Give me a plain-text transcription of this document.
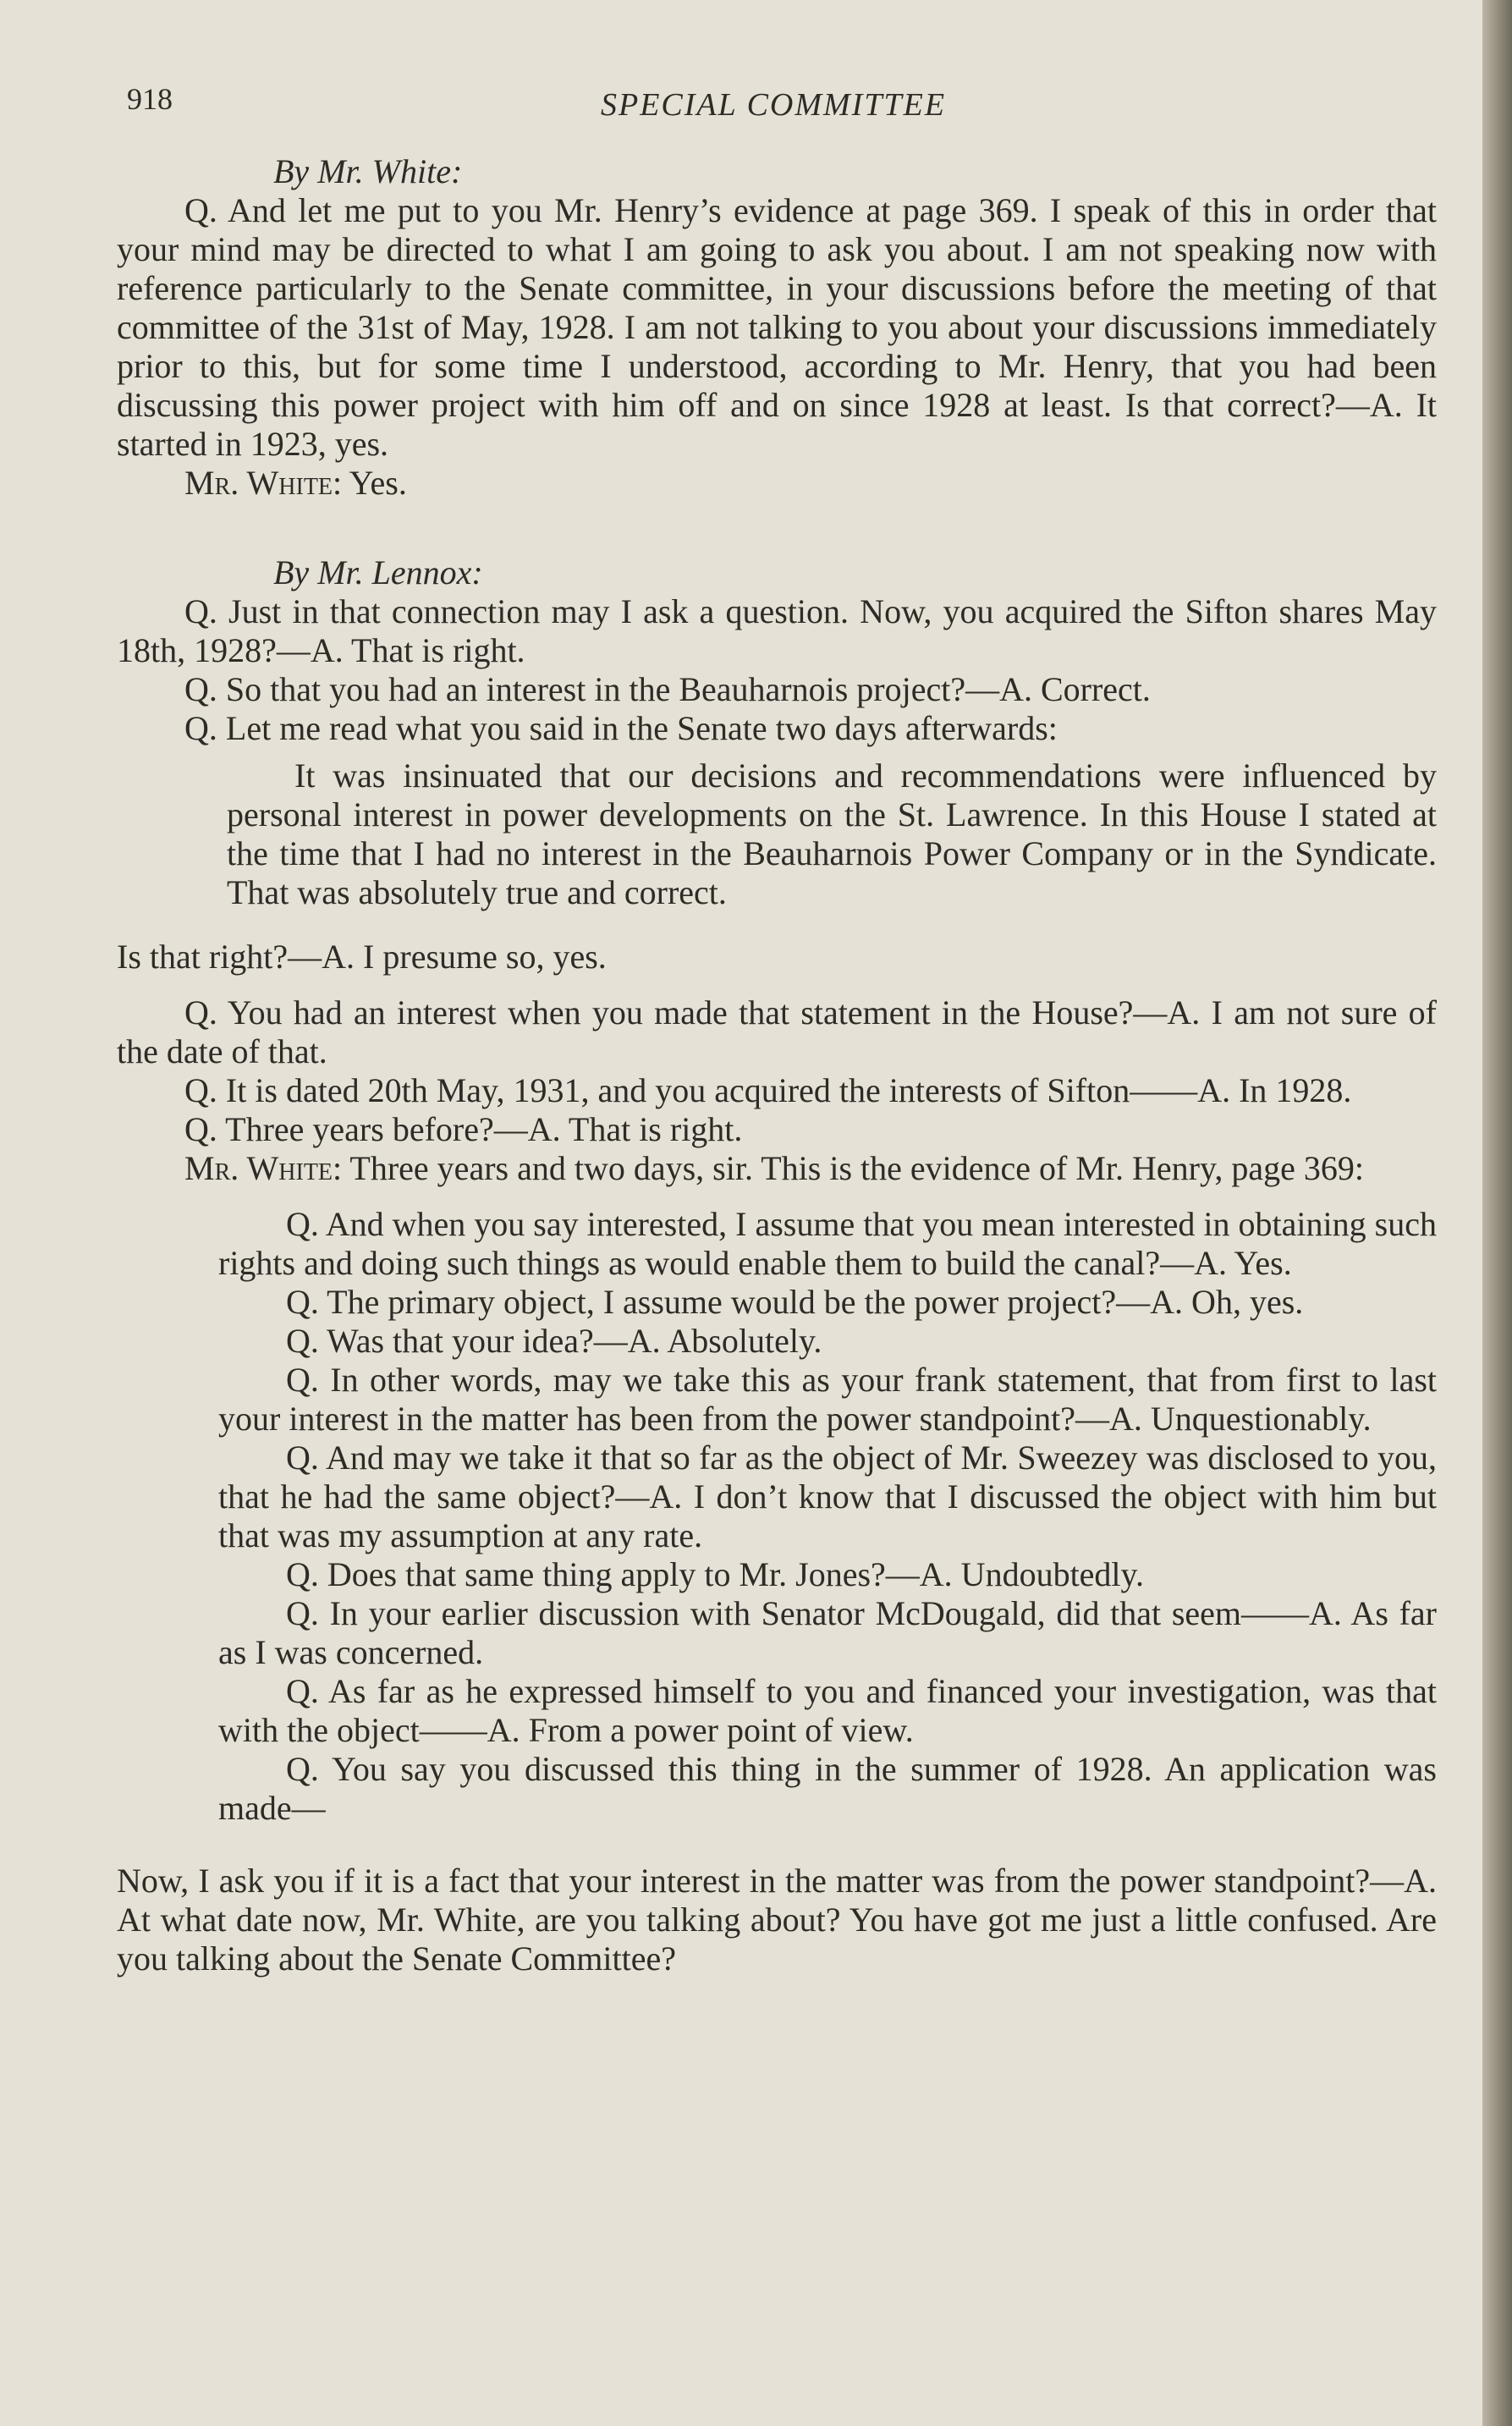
918	SPECIAL COMMITTEE

By Mr. White:

Q. And let me put to you Mr. Henry’s evidence at page 369. I speak of this in order that your mind may be directed to what I am going to ask you about. I am not speaking now with reference particularly to the Senate committee, in your discussions before the meeting of that committee of the 31st of May, 1928. I am not talking to you about your discussions immediately prior to this, but for some time I understood, according to Mr. Henry, that you had been discussing this power project with him off and on since 1928 at least. Is that correct?—A. It started in 1923, yes.

Mr. White: Yes.

By Mr. Lennox:

Q. Just in that connection may I ask a question. Now, you acquired the Sifton shares May 18th, 1928?—A. That is right.

Q. So that you had an interest in the Beauharnois project?—A. Correct.

Q. Let me read what you said in the Senate two days afterwards:

It was insinuated that our decisions and recommendations were influenced by personal interest in power developments on the St. Lawrence. In this House I stated at the time that I had no interest in the Beauharnois Power Company or in the Syndicate. That was absolutely true and correct.

Is that right?—A. I presume so, yes.

Q. You had an interest when you made that statement in the House?—A. I am not sure of the date of that.

Q. It is dated 20th May, 1931, and you acquired the interests of Sifton——A. In 1928.

Q. Three years before?—A. That is right.

Mr. White: Three years and two days, sir. This is the evidence of Mr. Henry, page 369:

Q. And when you say interested, I assume that you mean interested in obtaining such rights and doing such things as would enable them to build the canal?—A. Yes.

Q. The primary object, I assume would be the power project?—A. Oh, yes.

Q. Was that your idea?—A. Absolutely.

Q. In other words, may we take this as your frank statement, that from first to last your interest in the matter has been from the power standpoint?—A. Unquestionably.

Q. And may we take it that so far as the object of Mr. Sweezey was disclosed to you, that he had the same object?—A. I don’t know that I discussed the object with him but that was my assumption at any rate.

Q. Does that same thing apply to Mr. Jones?—A. Undoubtedly.

Q. In your earlier discussion with Senator McDougald, did that seem——A. As far as I was concerned.

Q. As far as he expressed himself to you and financed your investigation, was that with the object——A. From a power point of view.

Q. You say you discussed this thing in the summer of 1928. An application was made—

Now, I ask you if it is a fact that your interest in the matter was from the power standpoint?—A. At what date now, Mr. White, are you talking about? You have got me just a little confused. Are you talking about the Senate Committee?
